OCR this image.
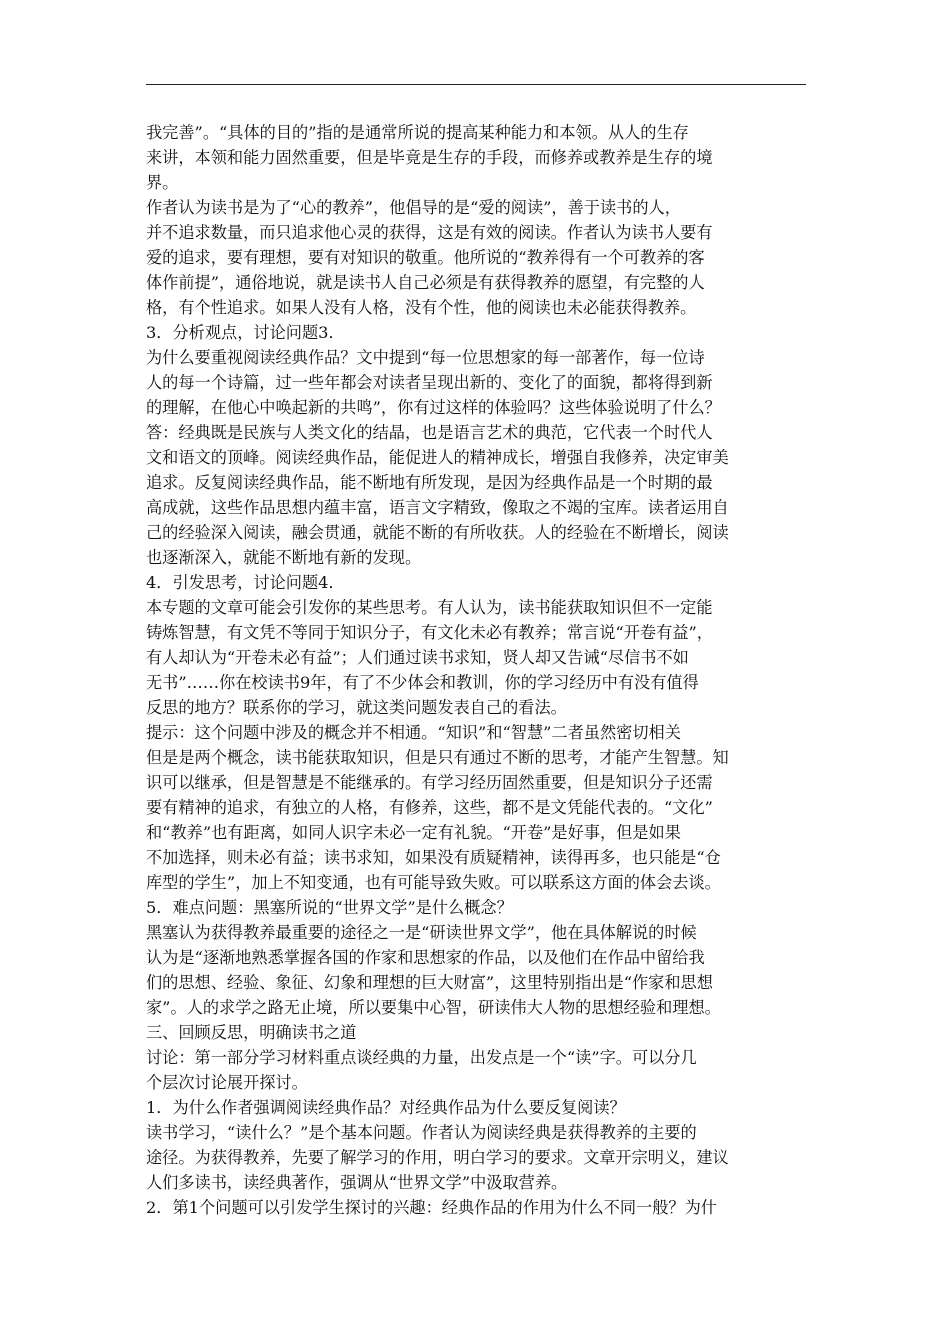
我完善”。“具体的目的”指的是通常所说的提高某种能力和本领。从人的生存
来讲，本领和能力固然重要，但是毕竟是生存的手段，而修养或教养是生存的境
界。
作者认为读书是为了“心的教养”，他倡导的是“爱的阅读”，善于读书的人，
并不追求数量，而只追求他心灵的获得，这是有效的阅读。作者认为读书人要有
爱的追求，要有理想，要有对知识的敬重。他所说的“教养得有一个可教养的客
体作前提”，通俗地说，就是读书人自己必须是有获得教养的愿望，有完整的人
格，有个性追求。如果人没有人格，没有个性，他的阅读也未必能获得教养。
3．分析观点，讨论问题3．
为什么要重视阅读经典作品？文中提到“每一位思想家的每一部著作，每一位诗
人的每一个诗篇，过一些年都会对读者呈现出新的、变化了的面貌，都将得到新
的理解，在他心中唤起新的共鸣”，你有过这样的体验吗？这些体验说明了什么？
答：经典既是民族与人类文化的结晶，也是语言艺术的典范，它代表一个时代人
文和语文的顶峰。阅读经典作品，能促进人的精神成长，增强自我修养，决定审美
追求。反复阅读经典作品，能不断地有所发现，是因为经典作品是一个时期的最
高成就，这些作品思想内蕴丰富，语言文字精致，像取之不竭的宝库。读者运用自
己的经验深入阅读，融会贯通，就能不断的有所收获。人的经验在不断增长，阅读
也逐渐深入，就能不断地有新的发现。
4．引发思考，讨论问题4．
本专题的文章可能会引发你的某些思考。有人认为，读书能获取知识但不一定能
铸炼智慧，有文凭不等同于知识分子，有文化未必有教养；常言说“开卷有益”，
有人却认为“开卷未必有益”；人们通过读书求知，贤人却又告诫“尽信书不如
无书”……你在校读书9年，有了不少体会和教训，你的学习经历中有没有值得
反思的地方？联系你的学习，就这类问题发表自己的看法。
提示：这个问题中涉及的概念并不相通。“知识”和“智慧”二者虽然密切相关
但是是两个概念，读书能获取知识，但是只有通过不断的思考，才能产生智慧。知
识可以继承，但是智慧是不能继承的。有学习经历固然重要，但是知识分子还需
要有精神的追求，有独立的人格，有修养，这些，都不是文凭能代表的。“文化”
和“教养”也有距离，如同人识字未必一定有礼貌。“开卷”是好事，但是如果
不加选择，则未必有益；读书求知，如果没有质疑精神，读得再多，也只能是“仓
库型的学生”，加上不知变通，也有可能导致失败。可以联系这方面的体会去谈。
5．难点问题：黑塞所说的“世界文学”是什么概念？
黑塞认为获得教养最重要的途径之一是“研读世界文学”，他在具体解说的时候
认为是“逐渐地熟悉掌握各国的作家和思想家的作品，以及他们在作品中留给我
们的思想、经验、象征、幻象和理想的巨大财富”，这里特别指出是“作家和思想
家”。人的求学之路无止境，所以要集中心智，研读伟大人物的思想经验和理想。
三、回顾反思，明确读书之道
讨论：第一部分学习材料重点谈经典的力量，出发点是一个“读”字。可以分几
个层次讨论展开探讨。
1．为什么作者强调阅读经典作品？对经典作品为什么要反复阅读？
读书学习，“读什么？”是个基本问题。作者认为阅读经典是获得教养的主要的
途径。为获得教养，先要了解学习的作用，明白学习的要求。文章开宗明义，建议
人们多读书，读经典著作，强调从“世界文学”中汲取营养。
2．第1个问题可以引发学生探讨的兴趣：经典作品的作用为什么不同一般？为什
